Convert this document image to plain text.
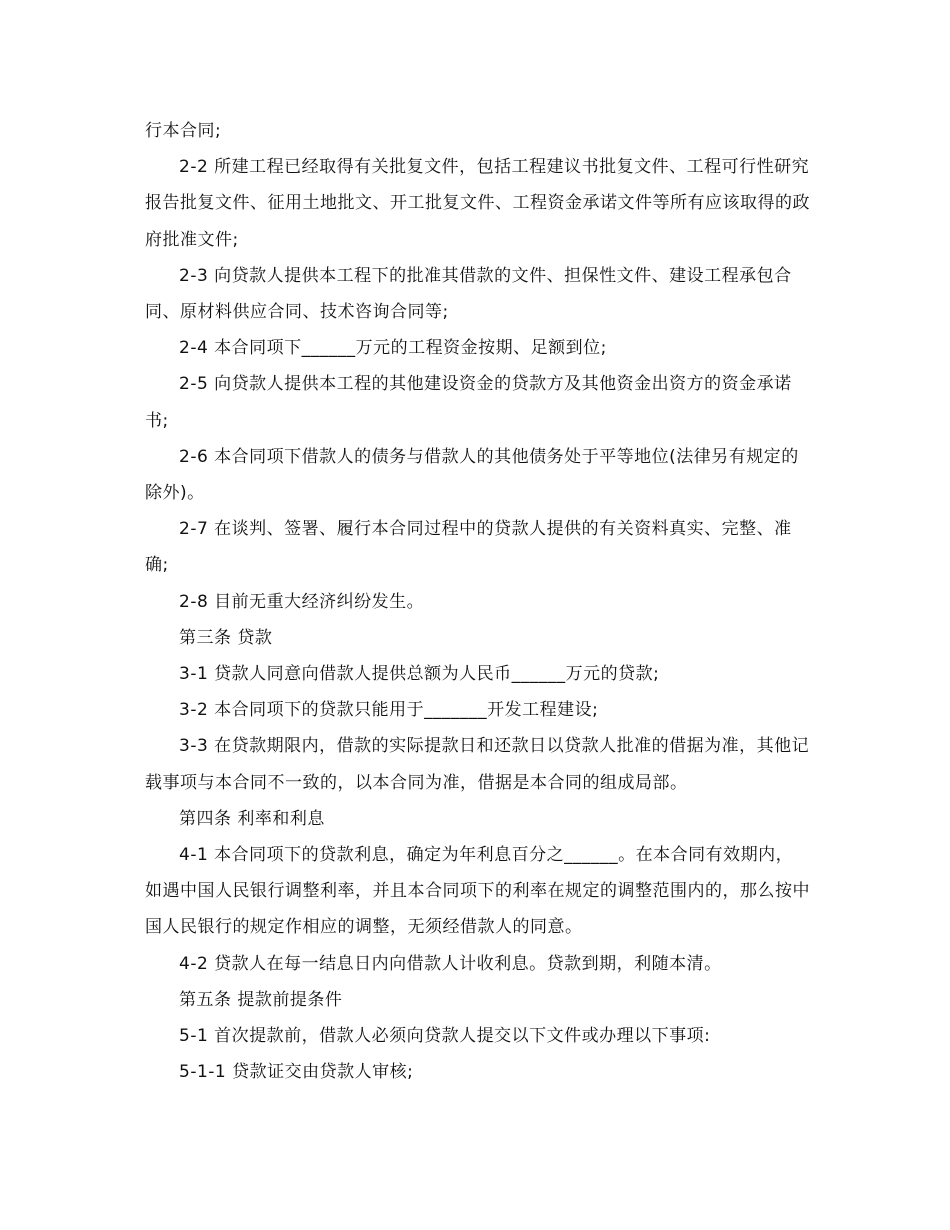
行本合同;

2-2 所建工程已经取得有关批复文件，包括工程建议书批复文件、工程可行性研究报告批复文件、征用土地批文、开工批复文件、工程资金承诺文件等所有应该取得的政府批准文件;

2-3 向贷款人提供本工程下的批准其借款的文件、担保性文件、建设工程承包合同、原材料供应合同、技术咨询合同等;

2-4 本合同项下______万元的工程资金按期、足额到位;

2-5 向贷款人提供本工程的其他建设资金的贷款方及其他资金出资方的资金承诺书;

2-6 本合同项下借款人的债务与借款人的其他债务处于平等地位(法律另有规定的除外)。

2-7 在谈判、签署、履行本合同过程中的贷款人提供的有关资料真实、完整、准确;

2-8 目前无重大经济纠纷发生。

第三条 贷款

3-1 贷款人同意向借款人提供总额为人民币______万元的贷款;

3-2 本合同项下的贷款只能用于_______开发工程建设;

3-3 在贷款期限内，借款的实际提款日和还款日以贷款人批准的借据为准，其他记载事项与本合同不一致的，以本合同为准，借据是本合同的组成局部。

第四条 利率和利息

4-1 本合同项下的贷款利息，确定为年利息百分之______。在本合同有效期内，如遇中国人民银行调整利率，并且本合同项下的利率在规定的调整范围内的，那么按中国人民银行的规定作相应的调整，无须经借款人的同意。

4-2 贷款人在每一结息日内向借款人计收利息。贷款到期，利随本清。

第五条 提款前提条件

5-1 首次提款前，借款人必须向贷款人提交以下文件或办理以下事项:

5-1-1 贷款证交由贷款人审核;
